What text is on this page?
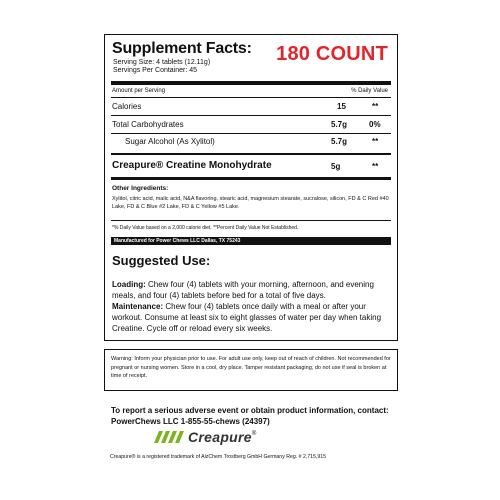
Supplement Facts:
Serving Size: 4 tablets (12.11g)
Servings Per Container: 45
180 COUNT
Amount per Serving	% Daily Value
Calories	15	**
Total Carbohydrates	5.7g	0%
Sugar Alcohol (As Xylitol)	5.7g	**
Creapure® Creatine Monohydrate	5g	**
Other Ingredients:
Xylitol, citric acid, malic acid, N&A flavoring, stearic acid, magnesium stearate, sucralose, silicon, FD & C Red #40 Lake, FD & C Blue #2 Lake, FD & C Yellow #5 Lake.
*% Daily Value based on a 2,000 calorie diet. **Percent Daily Value Not Established.
Manufactured for Power Chews LLC Dallas, TX 75243
Suggested Use:
Loading: Chew four (4) tablets with your morning, afternoon, and evening meals, and four (4) tablets before bed for a total of five days.
Maintenance: Chew four (4) tablets once daily with a meal or after your workout. Consume at least six to eight glasses of water per day when taking Creatine. Cycle off or reload every six weeks.
Warning: Inform your physician prior to use. For adult use only, keep out of reach of children. Not recommended for pregnant or nursing women. Store in a cool, dry place. Tamper resistant packaging, do not use if seal is broken at time of receipt.
To report a serious adverse event or obtain product information, contact:
PowerChews LLC 1-855-55-chews (24397)
Creapure ®
Creapure® is a registered trademark of AlzChem Trostberg GmbH Germany Reg. # 2,715,915
